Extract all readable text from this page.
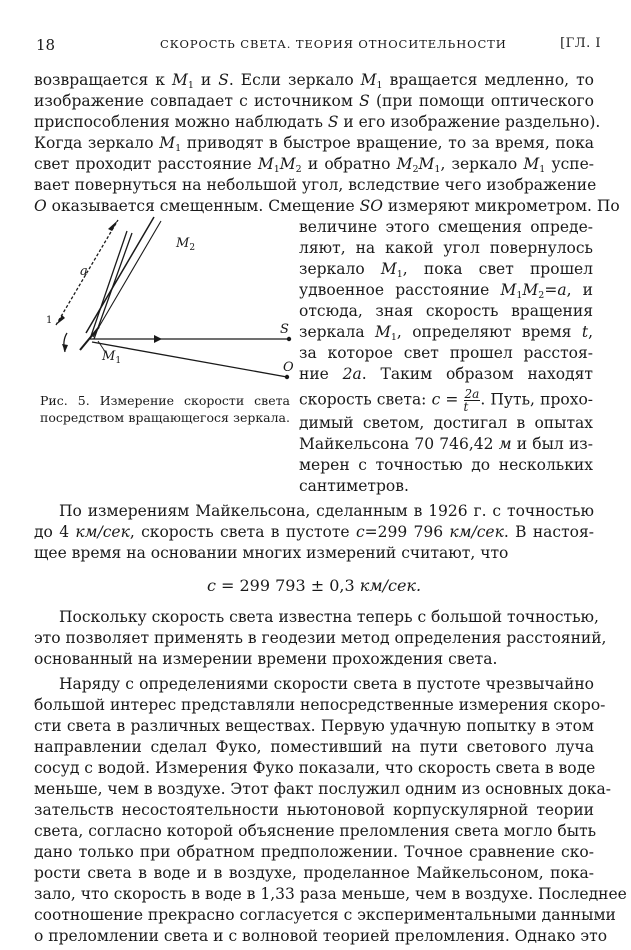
18	СКОРОСТЬ СВЕТА. ТЕОРИЯ ОТНОСИТЕЛЬНОСТИ	[ГЛ. I
возвращается к $M_1$ и S. Если зеркало $M_1$ вращается медленно, то
изображение совпадает с источником S (при помощи оптического
приспособления можно наблюдать S и его изображение раздельно).
Когда зеркало $M_1$ приводят в быстрое вращение, то за время, пока
свет проходит расстояние $M_1M_2$ и обратно $M_2M_1$, зеркало $M_1$ успе-
вает повернуться на небольшой угол, вследствие чего изображение
O оказывается смещенным. Смещение SO измеряют микрометром. По
$M_2$
$M_1$
S
O
a
1
величине этого смещения опреде-
ляют, на какой угол повернулось
зеркало $M_1$, пока свет прошел
удвоенное расстояние $M_1M_2=a$, и
отсюда, зная скорость вращения
зеркала $M_1$, определяют время t,
за которое свет прошел расстоя-
ние 2a. Таким образом находят
скорость света: $c = \frac{2a}{t}$ . Путь, прохо-
димый светом, достигал в опытах
Майкельсона 70 746,42 м и был из-
мерен с точностью до нескольких
сантиметров.
Рис. 5. Измерение скорости света
посредством вращающегося зеркала.
По измерениям Майкельсона, сделанным в 1926 г. с точностью
до 4 км/сек, скорость света в пустоте c=299 796 км/сек. В настоя-
щее время на основании многих измерений считают, что
c = 299 793 ± 0,3 км/сек.
Поскольку скорость света известна теперь с большой точностью,
это позволяет применять в геодезии метод определения расстояний,
основанный на измерении времени прохождения света.
Наряду с определениями скорости света в пустоте чрезвычайно
большой интерес представляли непосредственные измерения скоро-
сти света в различных веществах. Первую удачную попытку в этом
направлении сделал Фуко, поместивший на пути светового луча
сосуд с водой. Измерения Фуко показали, что скорость света в воде
меньше, чем в воздухе. Этот факт послужил одним из основных дока-
зательств несостоятельности ньютоновой корпускулярной теории
света, согласно которой объяснение преломления света могло быть
дано только при обратном предположении. Точное сравнение ско-
рости света в воде и в воздухе, проделанное Майкельсоном, пока-
зало, что скорость в воде в 1,33 раза меньше, чем в воздухе. Последнее
соотношение прекрасно согласуется с экспериментальными данными
о преломлении света и с волновой теорией преломления. Однако это
